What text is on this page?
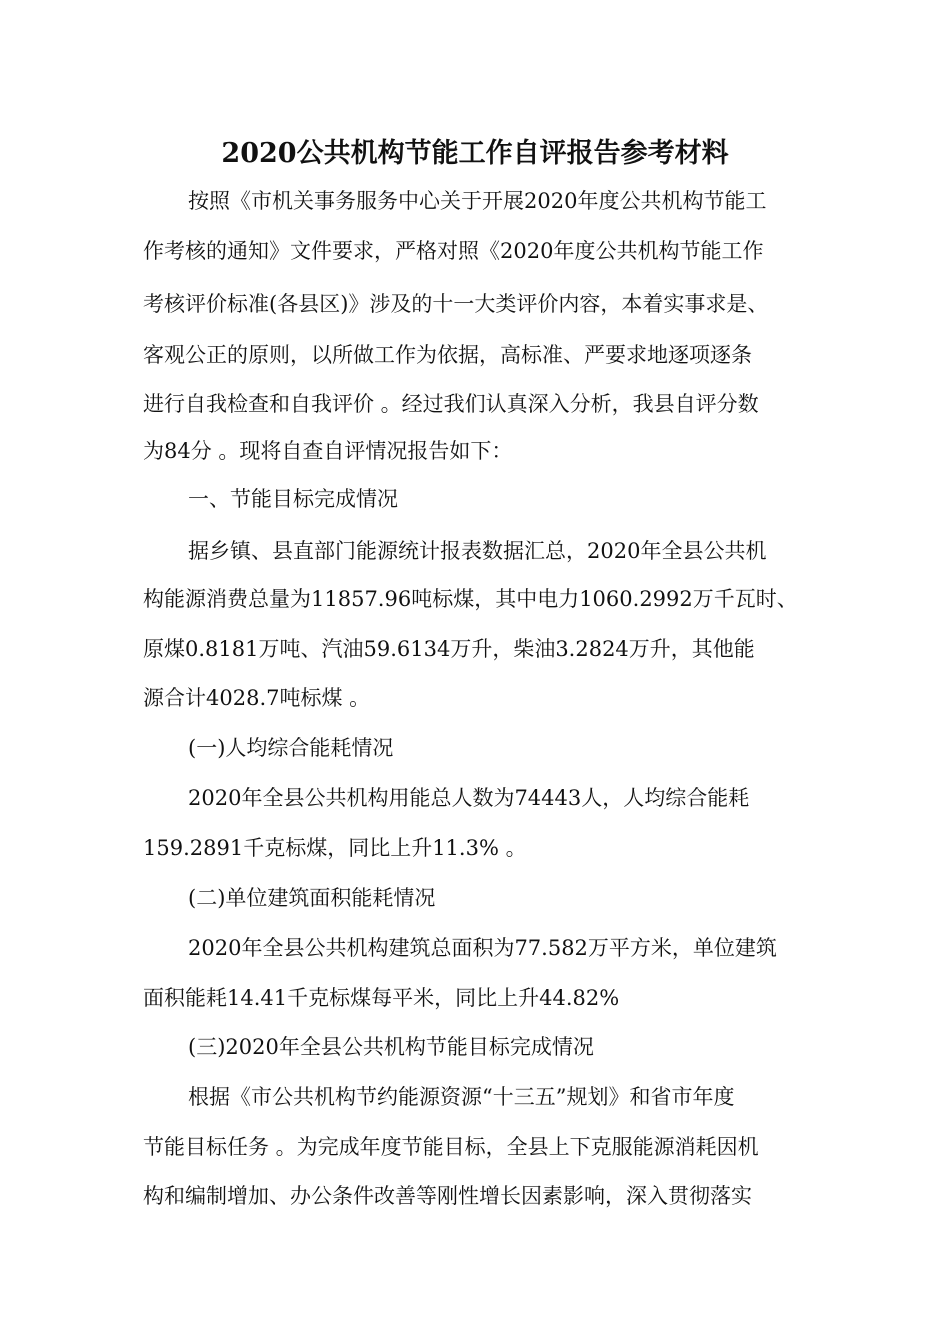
2020公共机构节能工作自评报告参考材料
按照《市机关事务服务中心关于开展2020年度公共机构节能工
作考核的通知》文件要求，严格对照《2020年度公共机构节能工作
考核评价标准(各县区)》涉及的十一大类评价内容，本着实事求是、
客观公正的原则，以所做工作为依据，高标准、严要求地逐项逐条
进行自我检查和自我评价 。经过我们认真深入分析，我县自评分数
为84分 。现将自查自评情况报告如下：
一、节能目标完成情况
据乡镇、县直部门能源统计报表数据汇总，2020年全县公共机
构能源消费总量为11857.96吨标煤，其中电力1060.2992万千瓦时、
原煤0.8181万吨、汽油59.6134万升，柴油3.2824万升，其他能
源合计4028.7吨标煤 。
(一)人均综合能耗情况
2020年全县公共机构用能总人数为74443人，人均综合能耗
159.2891千克标煤，同比上升11.3% 。
(二)单位建筑面积能耗情况
2020年全县公共机构建筑总面积为77.582万平方米，单位建筑
面积能耗14.41千克标煤每平米，同比上升44.82%
(三)2020年全县公共机构节能目标完成情况
根据《市公共机构节约能源资源“十三五”规划》和省市年度
节能目标任务 。为完成年度节能目标，全县上下克服能源消耗因机
构和编制增加、办公条件改善等刚性增长因素影响，深入贯彻落实
